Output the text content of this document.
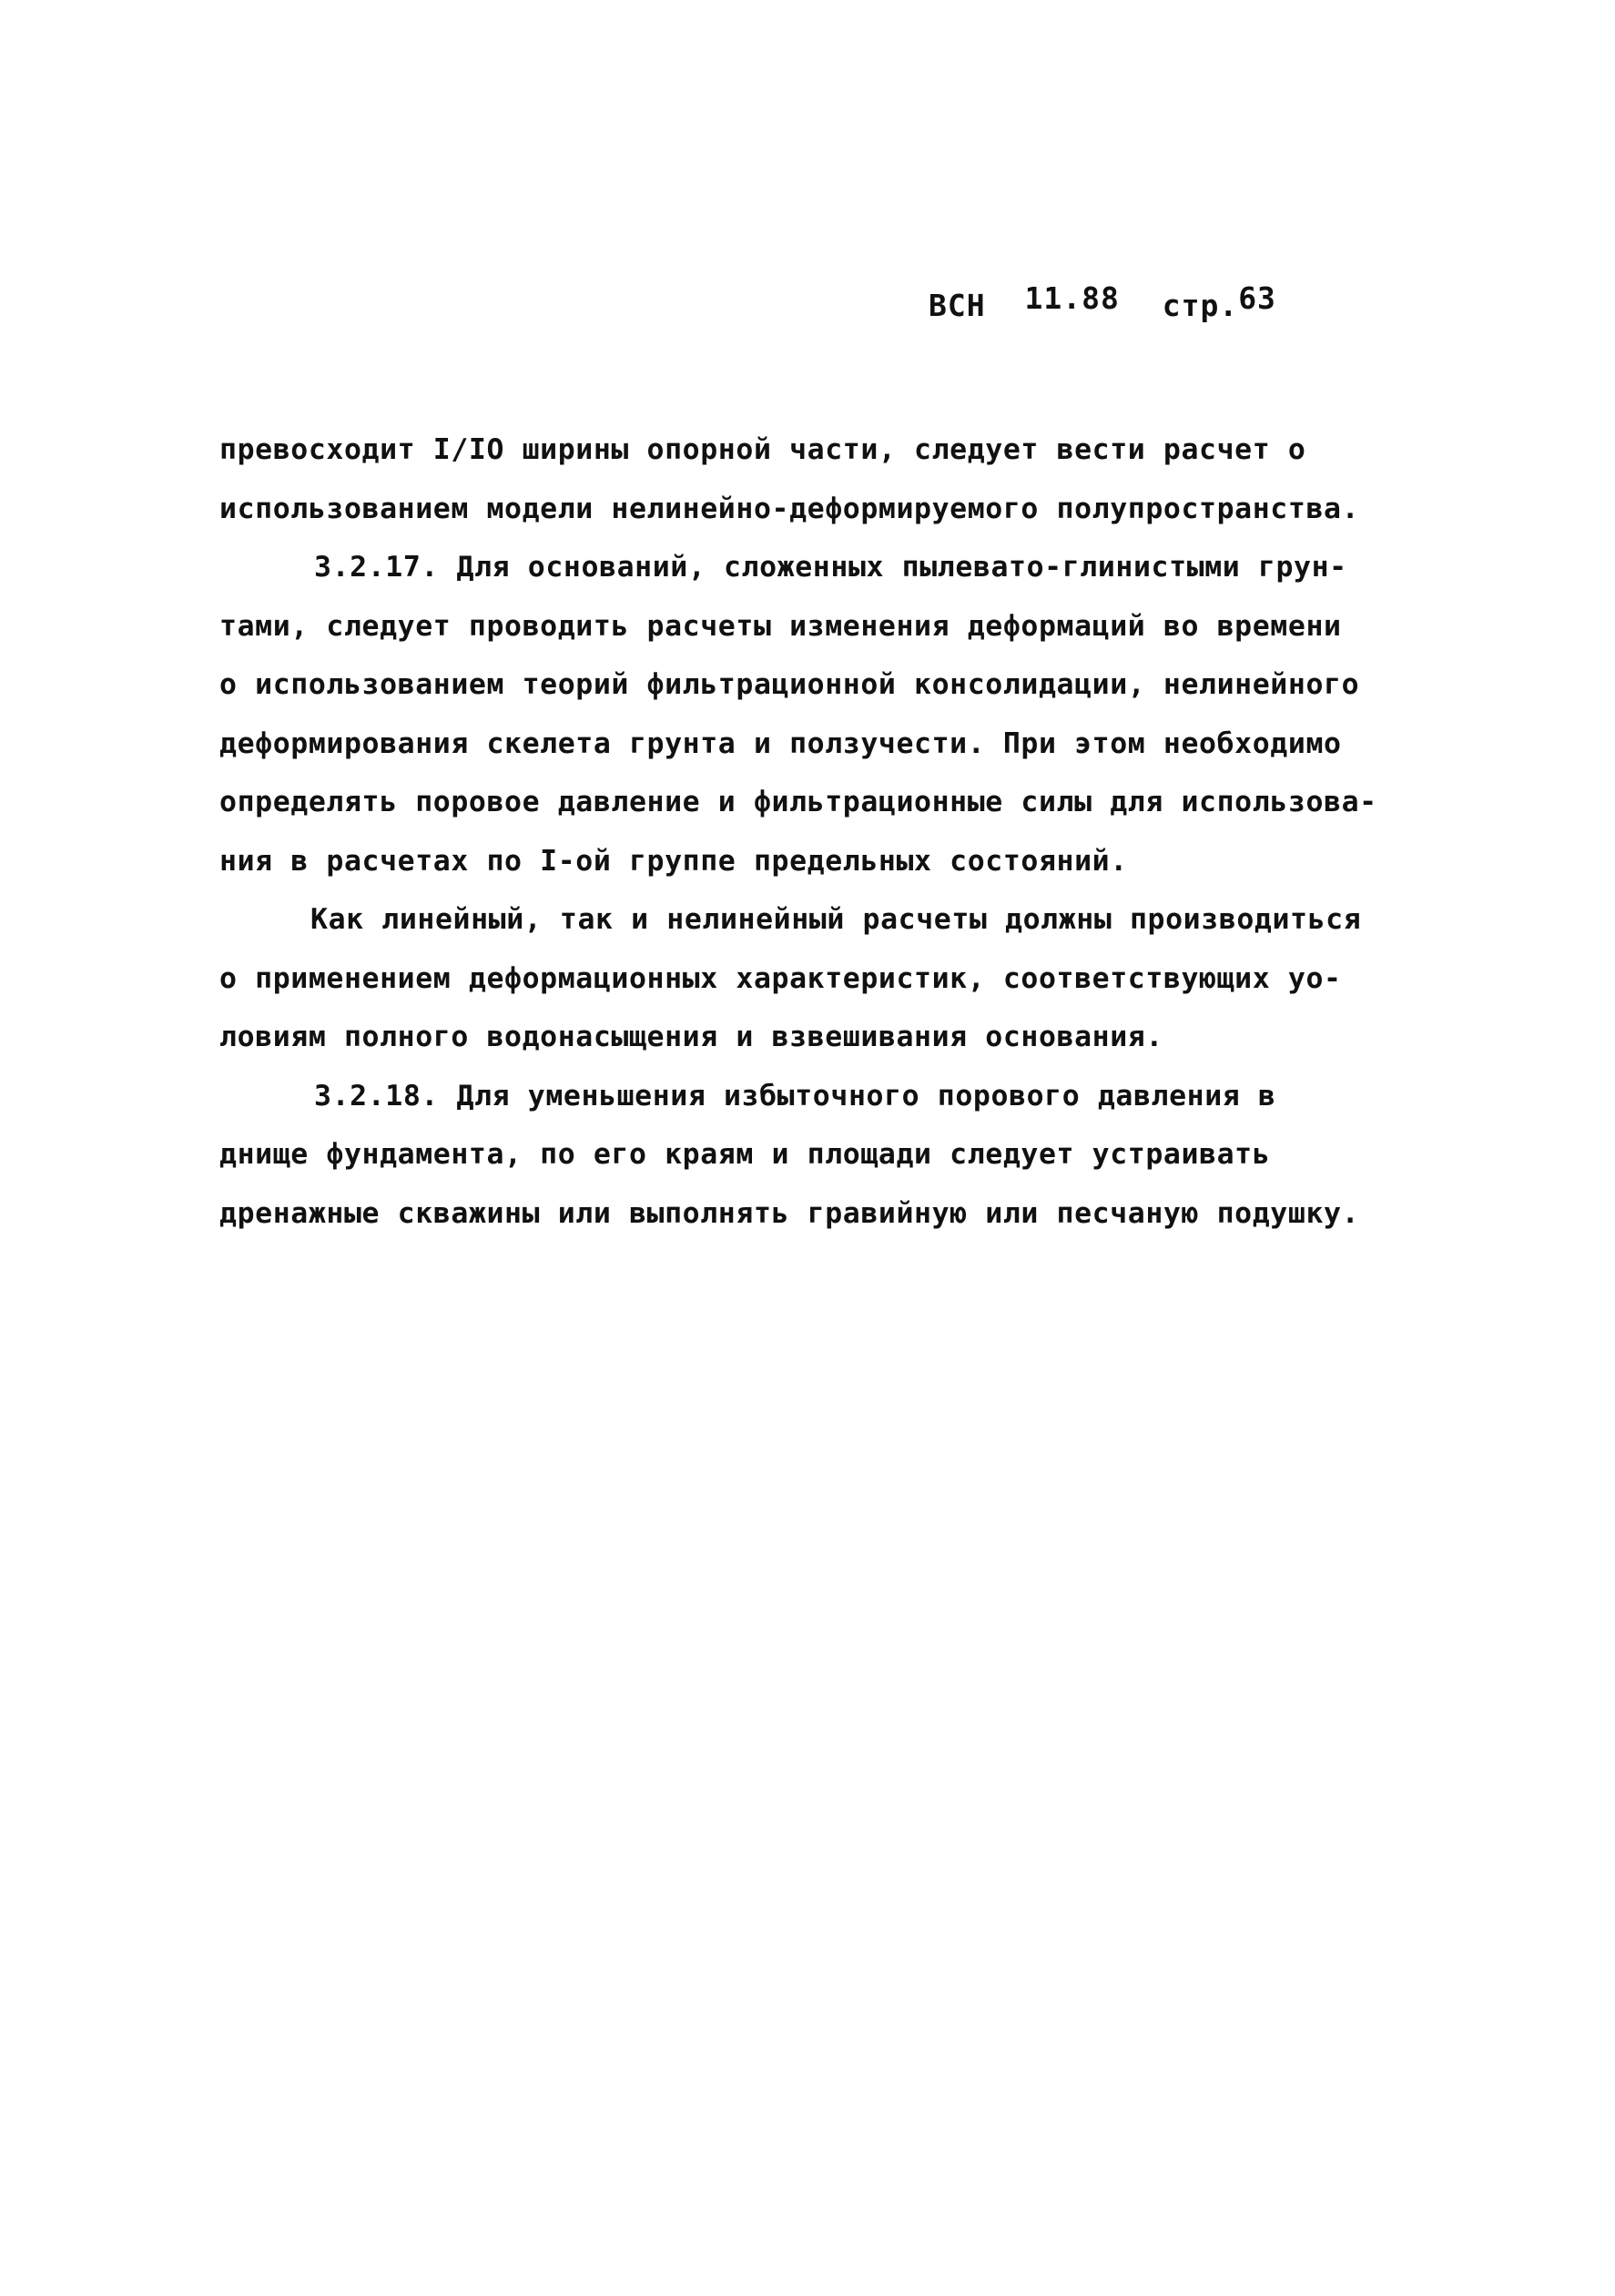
ВСН 11.88 стр.63
превосходит I/IO ширины опорной части, следует вести расчет о
использованием модели нелинейно-деформируемого полупространства.
3.2.17. Для оснований, сложенных пылевато-глинистыми грун-
тами, следует проводить расчеты изменения деформаций во времени
о использованием теорий фильтрационной консолидации, нелинейного
деформирования скелета грунта и ползучести. При этом необходимо
определять поровое давление и фильтрационные силы для использова-
ния в расчетах по I-ой группе предельных состояний.
Как линейный, так и нелинейный расчеты должны производиться
о применением деформационных характеристик, соответствующих уо-
ловиям полного водонасыщения и взвешивания основания.
3.2.18. Для уменьшения избыточного порового давления в
днище фундамента, по его краям и площади следует устраивать
дренажные скважины или выполнять гравийную или песчаную подушку.
